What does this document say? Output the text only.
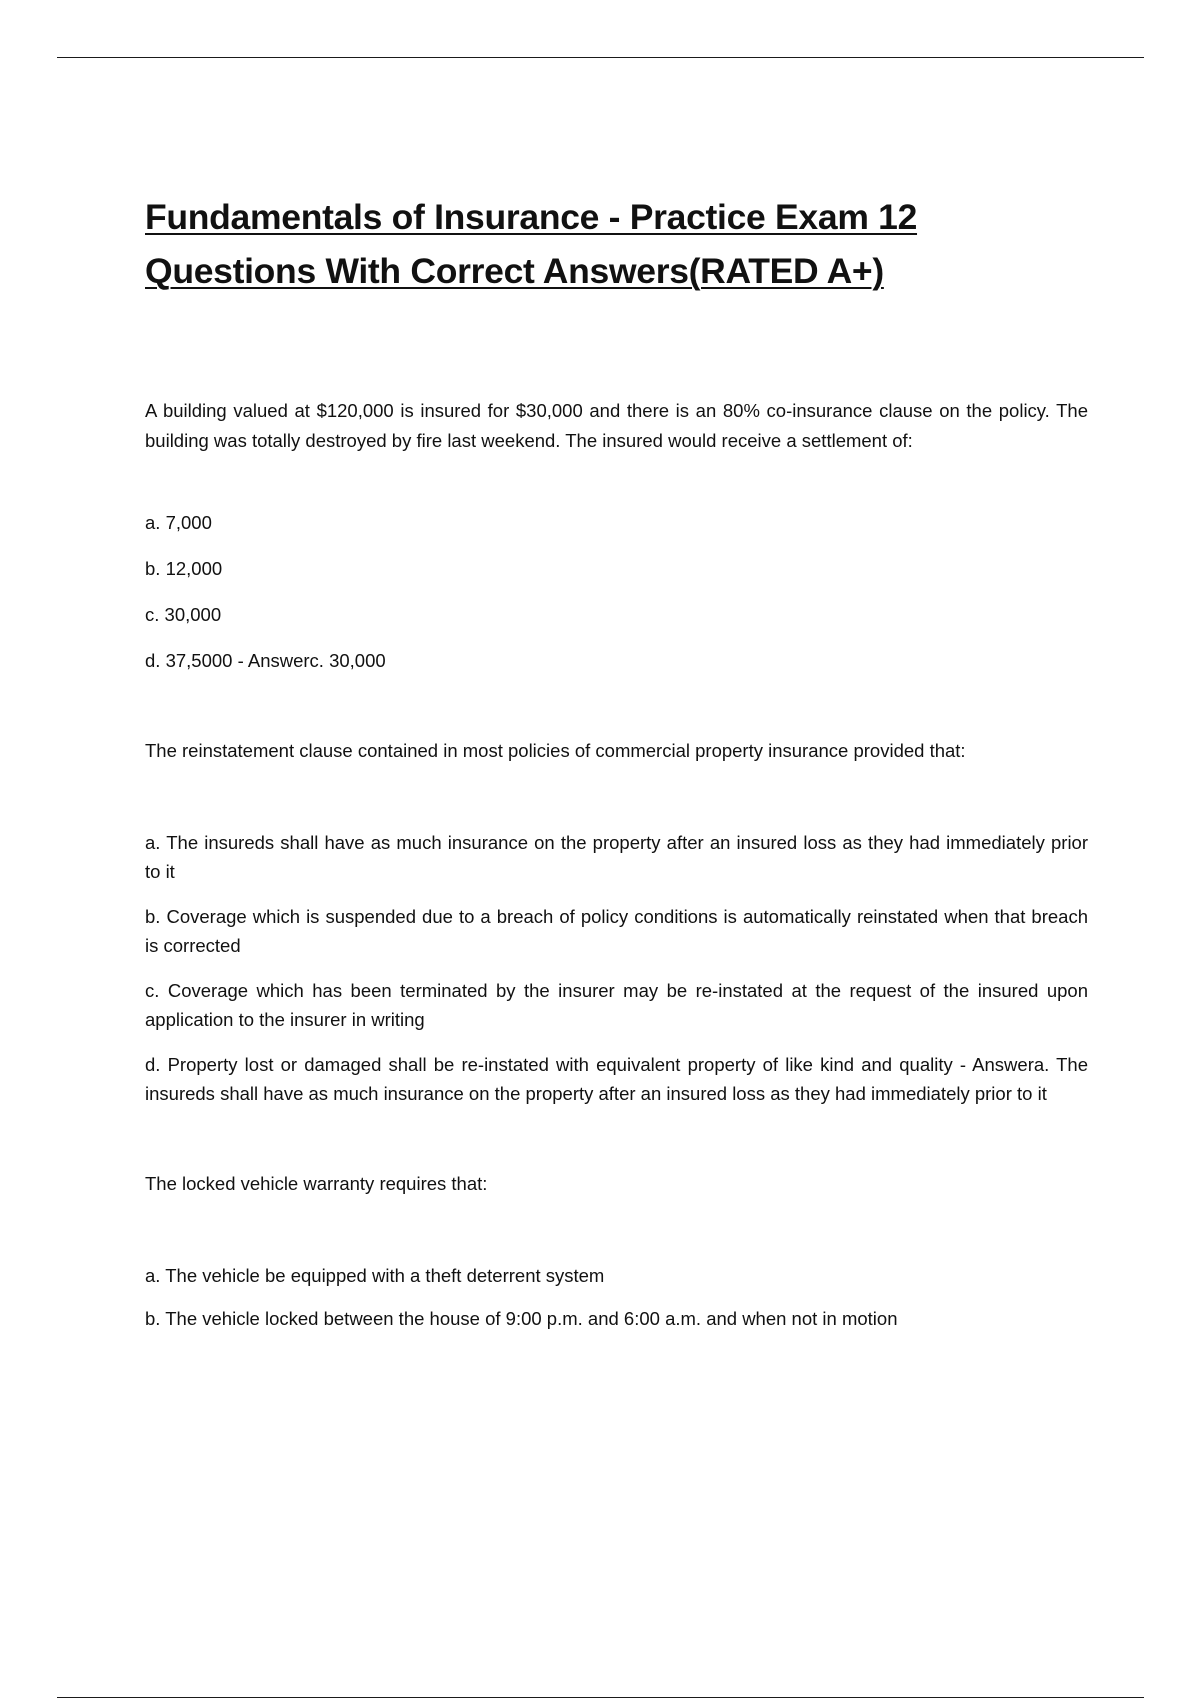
Fundamentals of Insurance - Practice Exam 12 Questions With Correct Answers(RATED A+)

A building valued at $120,000 is insured for $30,000 and there is an 80% co-insurance clause on the policy. The building was totally destroyed by fire last weekend. The insured would receive a settlement of:

a. 7,000

b. 12,000

c. 30,000

d. 37,5000 - Answerc. 30,000

The reinstatement clause contained in most policies of commercial property insurance provided that:

a. The insureds shall have as much insurance on the property after an insured loss as they had immediately prior to it

b. Coverage which is suspended due to a breach of policy conditions is automatically reinstated when that breach is corrected

c. Coverage which has been terminated by the insurer may be re-instated at the request of the insured upon application to the insurer in writing

d. Property lost or damaged shall be re-instated with equivalent property of like kind and quality - Answera. The insureds shall have as much insurance on the property after an insured loss as they had immediately prior to it

The locked vehicle warranty requires that:

a. The vehicle be equipped with a theft deterrent system

b. The vehicle locked between the house of 9:00 p.m. and 6:00 a.m. and when not in motion
